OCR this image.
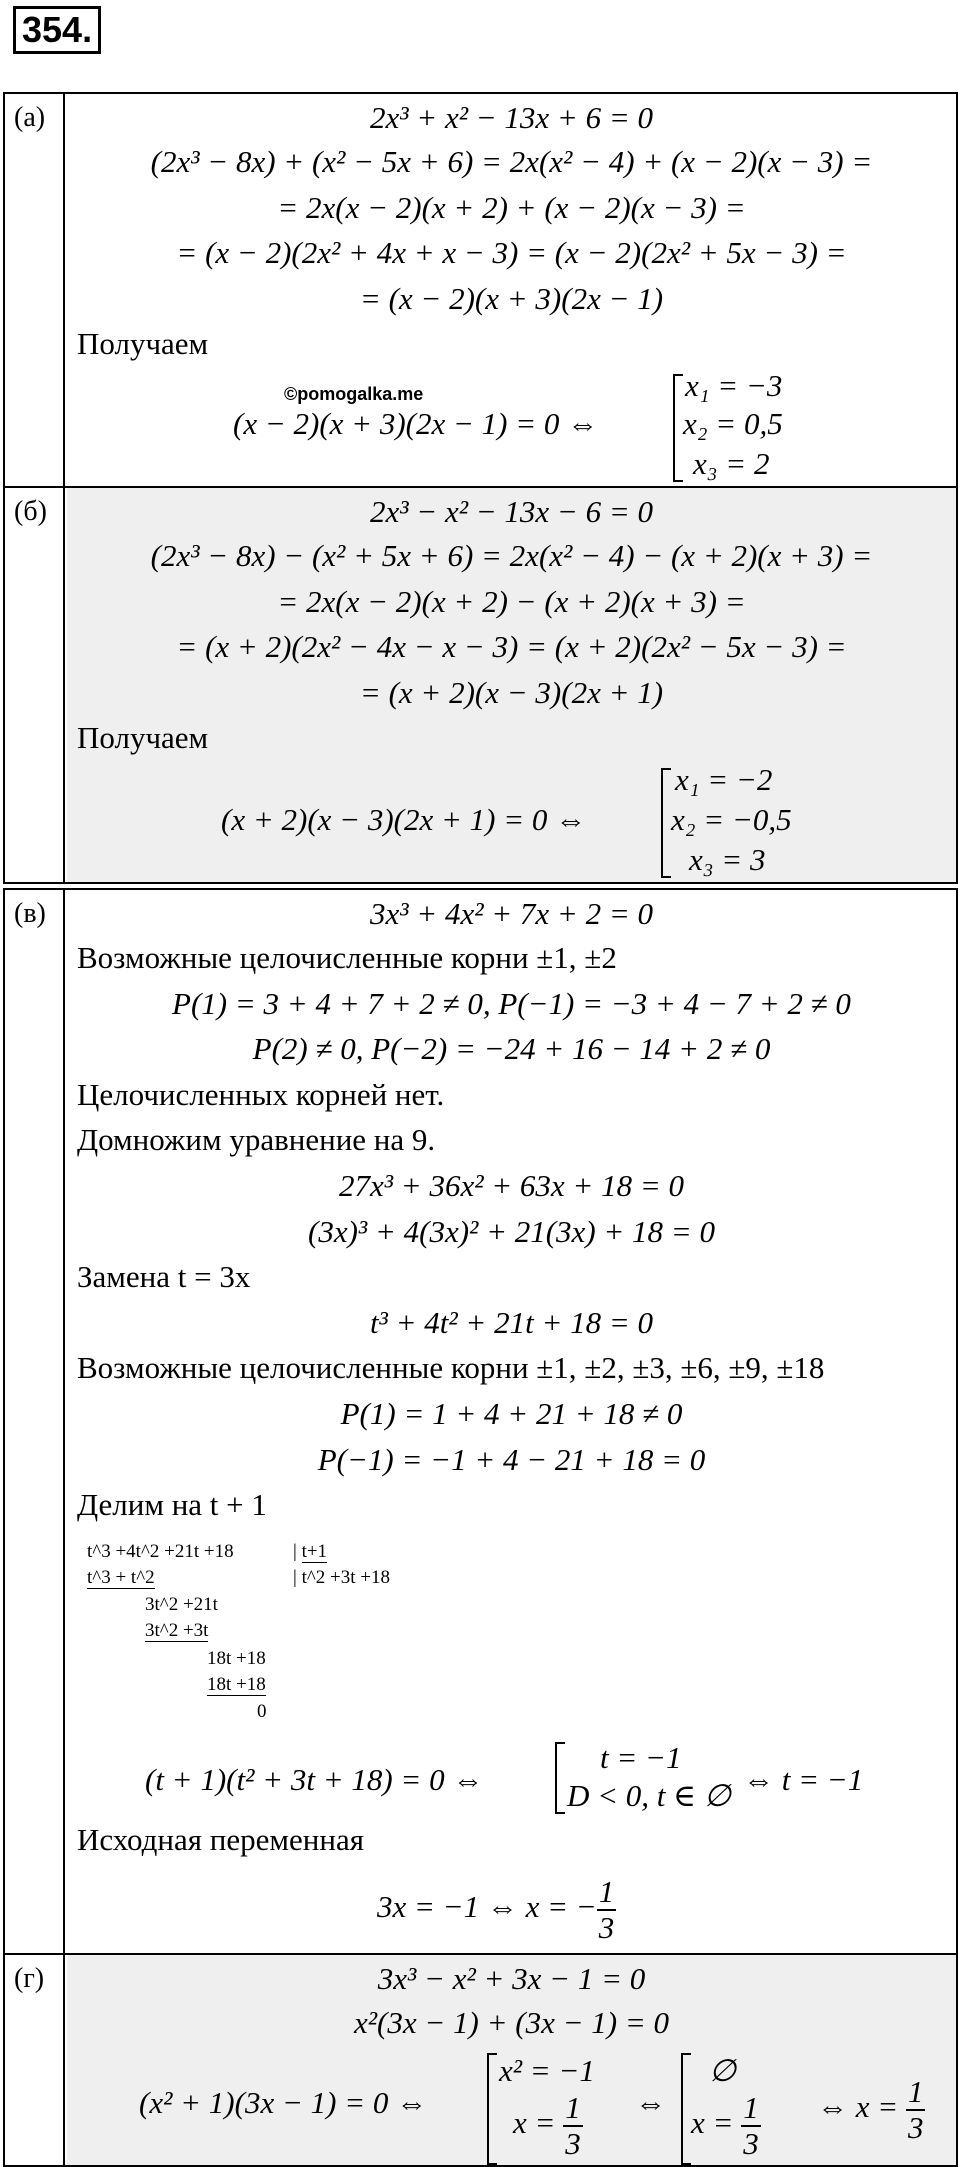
354.
(а)	2x³ + x² − 13x + 6 = 0
(2x³ − 8x) + (x² − 5x + 6) = 2x(x² − 4) + (x − 2)(x − 3) =
= 2x(x − 2)(x + 2) + (x − 2)(x − 3) =
= (x − 2)(2x² + 4x + x − 3) = (x − 2)(2x² + 5x − 3) =
= (x − 2)(x + 3)(2x − 1)
Получаем
©pomogalka.me
(x − 2)(x + 3)(2x − 1) = 0 ⇔
x₁ = −3
x₂ = 0,5
x₃ = 2
(б)	2x³ − x² − 13x − 6 = 0
(2x³ − 8x) − (x² + 5x + 6) = 2x(x² − 4) − (x + 2)(x + 3) =
= 2x(x − 2)(x + 2) − (x + 2)(x + 3) =
= (x + 2)(2x² − 4x − x − 3) = (x + 2)(2x² − 5x − 3) =
= (x + 2)(x − 3)(2x + 1)
Получаем
(x + 2)(x − 3)(2x + 1) = 0 ⇔
x₁ = −2
x₂ = −0,5
x₃ = 3
(в)	3x³ + 4x² + 7x + 2 = 0
Возможные целочисленные корни ±1, ±2
P(1) = 3 + 4 + 7 + 2 ≠ 0, P(−1) = −3 + 4 − 7 + 2 ≠ 0
P(2) ≠ 0, P(−2) = −24 + 16 − 14 + 2 ≠ 0
Целочисленных корней нет.
Домножим уравнение на 9.
27x³ + 36x² + 63x + 18 = 0
(3x)³ + 4(3x)² + 21(3x) + 18 = 0
Замена t = 3x
t³ + 4t² + 21t + 18 = 0
Возможные целочисленные корни ±1, ±2, ±3, ±6, ±9, ±18
P(1) = 1 + 4 + 21 + 18 ≠ 0
P(−1) = −1 + 4 − 21 + 18 = 0
Делим на t + 1
t^3 +4t^2 +21t +18	| t+1
t^3 + t^2	| t^2 +3t +18
3t^2 +21t
3t^2 +3t
18t +18
18t +18
0
(t + 1)(t² + 3t + 18) = 0 ⇔
t = −1
D < 0, t ∈ ∅ ⇔ t = −1
Исходная переменная
3x = −1 ⇔ x = − $\frac{1}{3}$
(г)	3x³ − x² + 3x − 1 = 0
x²(3x − 1) + (3x − 1) = 0
(x² + 1)(3x − 1) = 0 ⇔
x² = −1
$x = \frac{1}{3}$ ⇔
∅
$x = \frac{1}{3}$ ⇔ $x = \frac{1}{3}$
